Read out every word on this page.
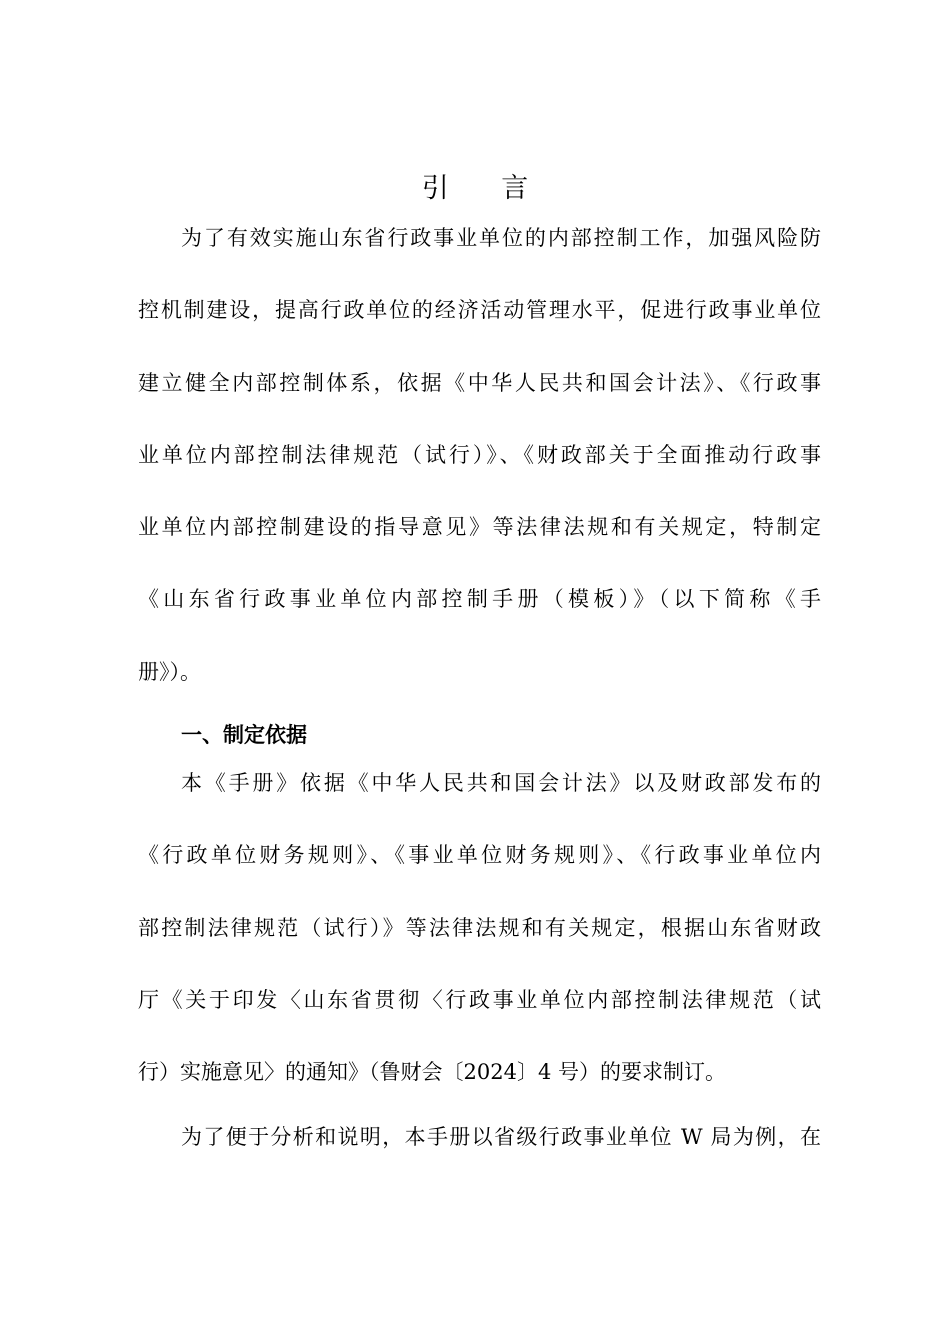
引 言
为了有效实施山东省行政事业单位的内部控制工作，加强风险防
控机制建设，提高行政单位的经济活动管理水平，促进行政事业单位
建立健全内部控制体系，依据《中华人民共和国会计法》、《行政事
业单位内部控制法律规范（试行）》、《财政部关于全面推动行政事
业单位内部控制建设的指导意见》等法律法规和有关规定，特制定
《山东省行政事业单位内部控制手册（模板）》（以下简称《手
册》）。
一、制定依据
本《手册》依据《中华人民共和国会计法》以及财政部发布的
《行政单位财务规则》、《事业单位财务规则》、《行政事业单位内
部控制法律规范（试行）》等法律法规和有关规定，根据山东省财政
厅《关于印发〈山东省贯彻〈行政事业单位内部控制法律规范（试
行）实施意见〉的通知》（鲁财会〔2024〕4 号）的要求制订。
为了便于分析和说明，本手册以省级行政事业单位 W 局为例，在
